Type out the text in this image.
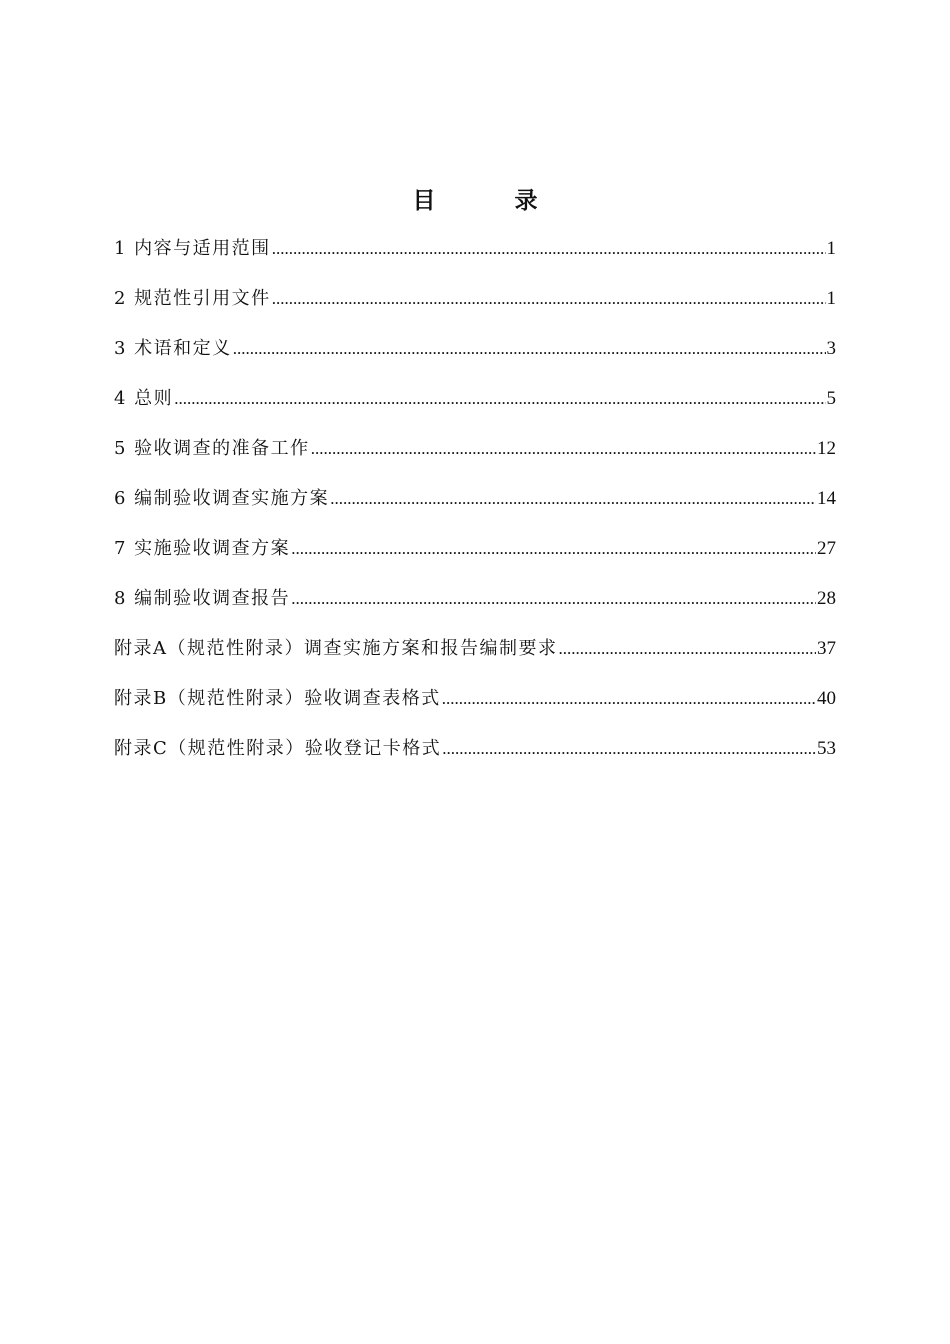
目　录
1 内容与适用范围 .....	1
2 规范性引用文件 .....	1
3 术语和定义 .....	3
4 总则 .....	5
5 验收调查的准备工作 .....	12
6 编制验收调查实施方案 .....	14
7 实施验收调查方案 .....	27
8 编制验收调查报告 .....	28
附录A（规范性附录）调查实施方案和报告编制要求 .....	37
附录B（规范性附录）验收调查表格式 .....	40
附录C（规范性附录）验收登记卡格式 .....	53
